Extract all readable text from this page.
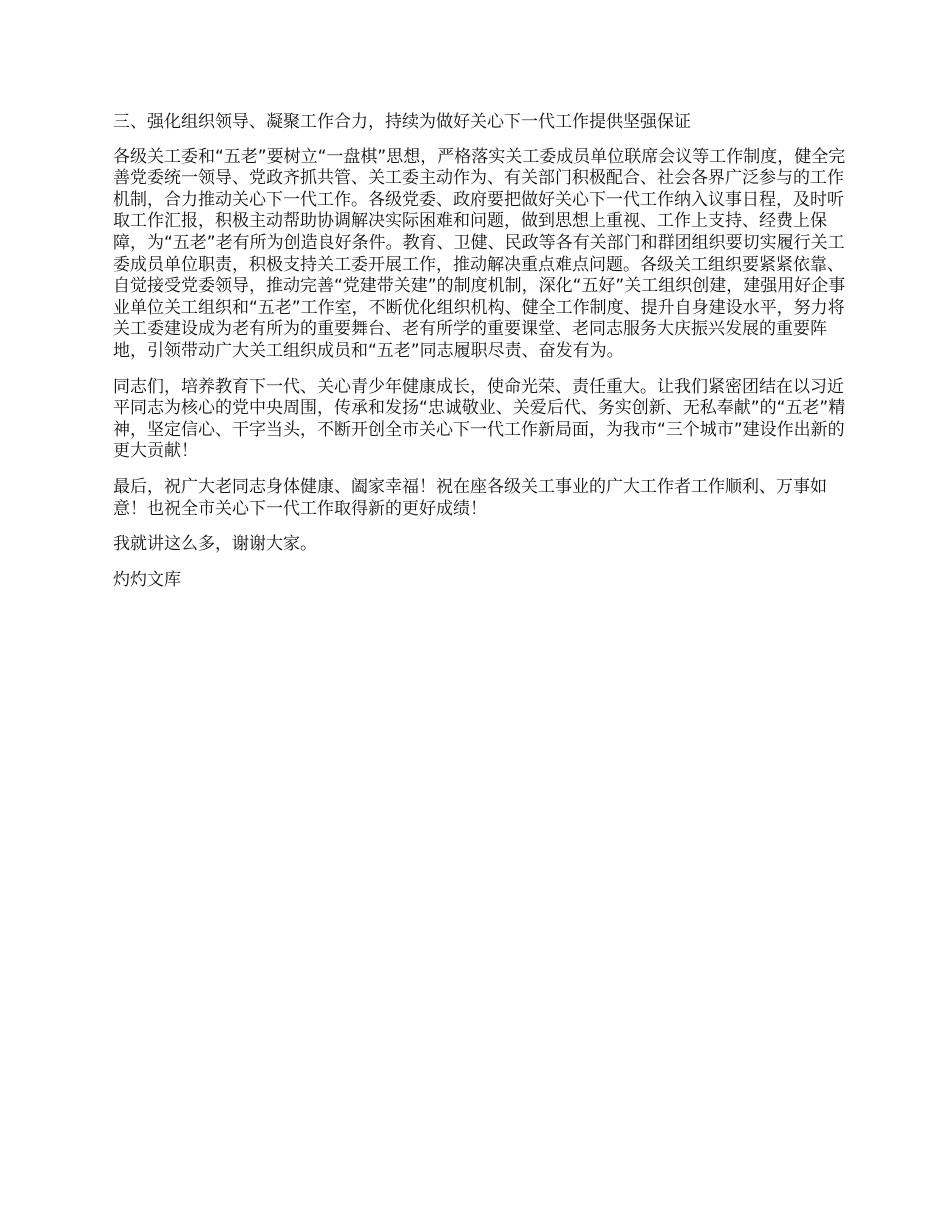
三、强化组织领导、凝聚工作合力，持续为做好关心下一代工作提供坚强保证

各级关工委和“五老”要树立“一盘棋”思想，严格落实关工委成员单位联席会议等工作制度，健全完善党委统一领导、党政齐抓共管、关工委主动作为、有关部门积极配合、社会各界广泛参与的工作机制，合力推动关心下一代工作。各级党委、政府要把做好关心下一代工作纳入议事日程，及时听取工作汇报，积极主动帮助协调解决实际困难和问题，做到思想上重视、工作上支持、经费上保障，为“五老”老有所为创造良好条件。教育、卫健、民政等各有关部门和群团组织要切实履行关工委成员单位职责，积极支持关工委开展工作，推动解决重点难点问题。各级关工组织要紧紧依靠、自觉接受党委领导，推动完善“党建带关建”的制度机制，深化“五好”关工组织创建，建强用好企事业单位关工组织和“五老”工作室，不断优化组织机构、健全工作制度、提升自身建设水平，努力将关工委建设成为老有所为的重要舞台、老有所学的重要课堂、老同志服务大庆振兴发展的重要阵地，引领带动广大关工组织成员和“五老”同志履职尽责、奋发有为。

同志们，培养教育下一代、关心青少年健康成长，使命光荣、责任重大。让我们紧密团结在以习近平同志为核心的党中央周围，传承和发扬“忠诚敬业、关爱后代、务实创新、无私奉献”的“五老”精神，坚定信心、干字当头，不断开创全市关心下一代工作新局面，为我市“三个城市”建设作出新的更大贡献！

最后，祝广大老同志身体健康、阖家幸福！祝在座各级关工事业的广大工作者工作顺利、万事如意！也祝全市关心下一代工作取得新的更好成绩！

我就讲这么多，谢谢大家。

灼灼文库
